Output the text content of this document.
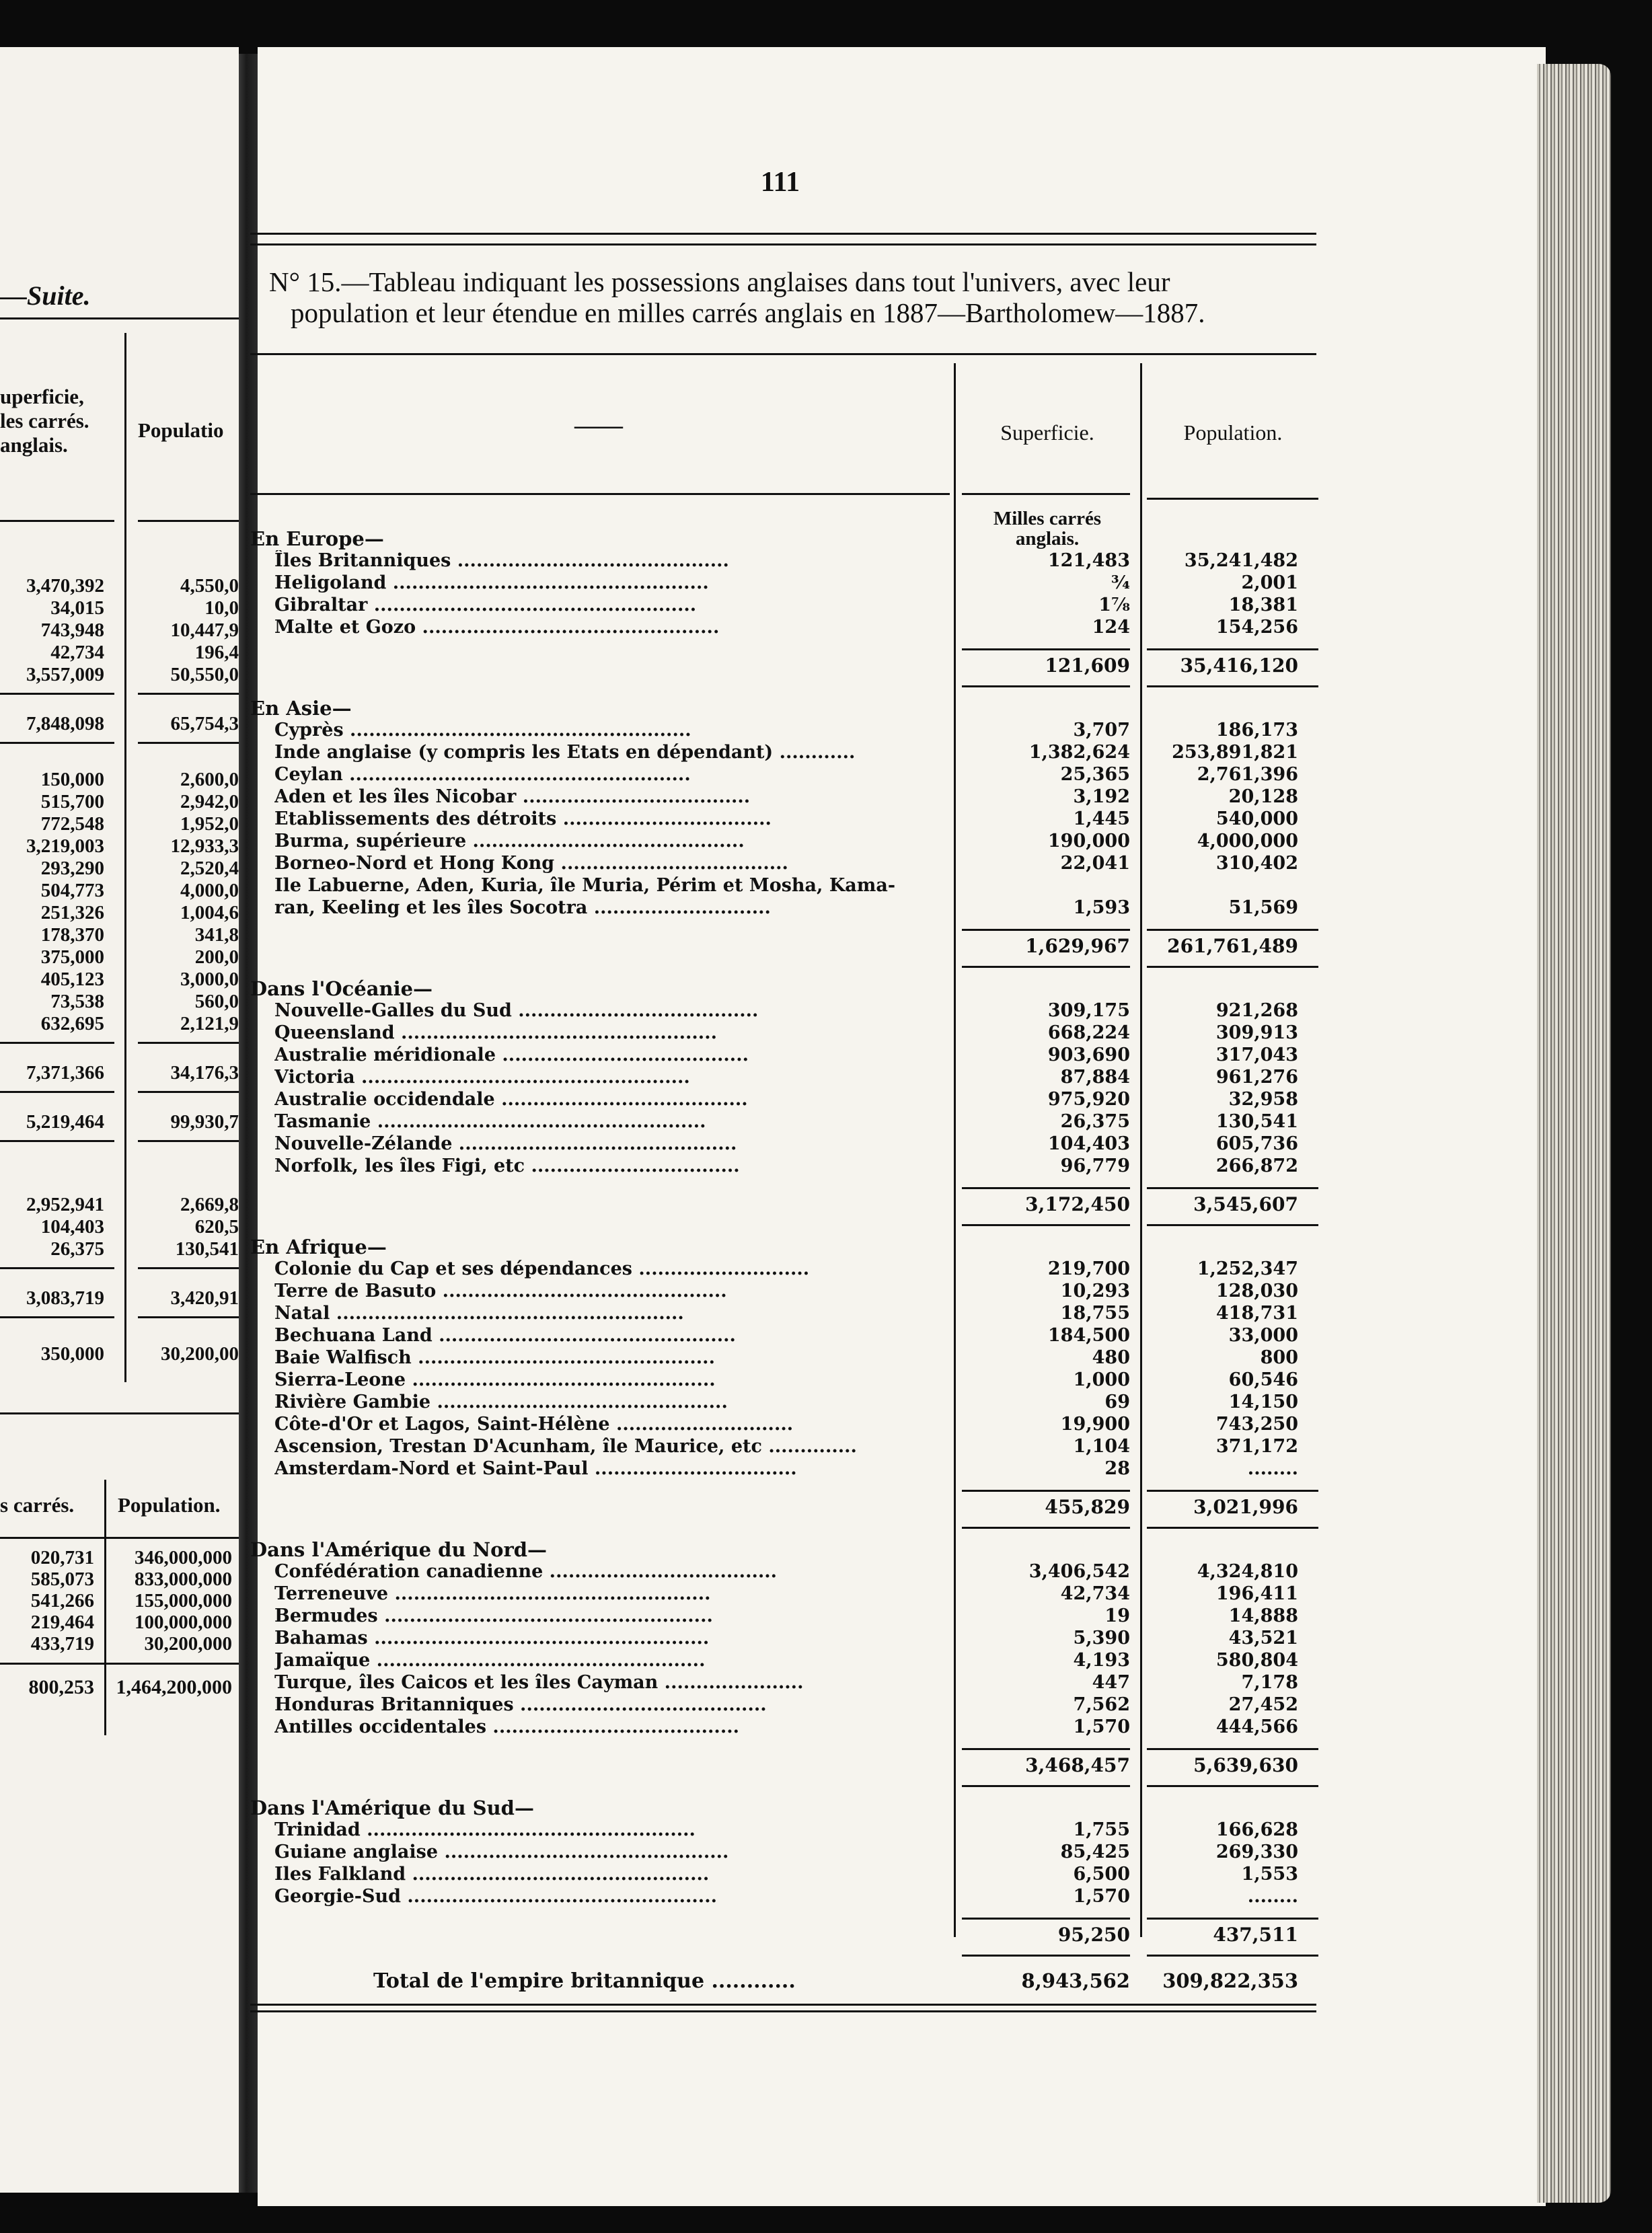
—Suite.
uperficie,
les carrés.
anglais.
Populatio
3,470,392	4,550,0
34,015	10,0
743,948	10,447,9
42,734	196,4
3,557,009	50,550,0
7,848,098	65,754,3
150,000	2,600,0
515,700	2,942,0
772,548	1,952,0
3,219,003	12,933,3
293,290	2,520,4
504,773	4,000,0
251,326	1,004,6
178,370	341,8
375,000	200,0
405,123	3,000,0
73,538	560,0
632,695	2,121,9
7,371,366	34,176,3
5,219,464	99,930,7
2,952,941	2,669,8
104,403	620,5
26,375	130,541
3,083,719	3,420,91
350,000	30,200,00
s carrés. Population.
020,731 346,000,000
585,073 833,000,000
541,266 155,000,000
219,464 100,000,000
433,719	30,200,000
800,253 1,464,200,000
111
N° 15.—Tableau indiquant les possessions anglaises dans tout l'univers, avec leur
population et leur étendue en milles carrés anglais en 1887—Bartholomew—1887.
——	Superficie.	Population.
Milles carrés
anglais.
En Europe—
Îles Britanniques ...........................................	121,483	35,241,482
Heligoland ..................................................	¾	2,001
Gibraltar ...................................................	1⅞	18,381
Malte et Gozo ...............................................	124	154,256
121,609	35,416,120
En Asie—
Cyprès ......................................................	3,707	186,173
Inde anglaise (y compris les Etats en dépendant) ............	1,382,624 253,891,821
Ceylan ......................................................	25,365	2,761,396
Aden et les îles Nicobar ....................................	3,192	20,128
Etablissements des détroits .................................	1,445	540,000
Burma, supérieure ...........................................	190,000	4,000,000
Borneo-Nord et Hong Kong ....................................	22,041	310,402
Ile Labuerne, Aden, Kuria, île Muria, Périm et Mosha, Kama-
ran, Keeling et les îles Socotra ............................	1,593	51,569
1,629,967 261,761,489
Dans l'Océanie—
Nouvelle-Galles du Sud ......................................	309,175	921,268
Queensland ..................................................	668,224	309,913
Australie méridionale .......................................	903,690	317,043
Victoria ....................................................	87,884	961,276
Australie occidendale .......................................	975,920	32,958
Tasmanie ....................................................	26,375	130,541
Nouvelle-Zélande ............................................	104,403	605,736
Norfolk, les îles Figi, etc .................................	96,779	266,872
3,172,450	3,545,607
En Afrique—
Colonie du Cap et ses dépendances ...........................	219,700	1,252,347
Terre de Basuto .............................................	10,293	128,030
Natal .......................................................	18,755	418,731
Bechuana Land ...............................................	184,500	33,000
Baie Walfisch ...............................................	480	800
Sierra-Leone ................................................	1,000	60,546
Rivière Gambie ..............................................	69	14,150
Côte-d'Or et Lagos, Saint-Hélène ............................	19,900	743,250
Ascension, Trestan D'Acunham, île Maurice, etc ..............	1,104	371,172
Amsterdam-Nord et Saint-Paul ................................	28	........
455,829	3,021,996
Dans l'Amérique du Nord—
Confédération canadienne ....................................	3,406,542	4,324,810
Terreneuve ..................................................	42,734	196,411
Bermudes ....................................................	19	14,888
Bahamas .....................................................	5,390	43,521
Jamaïque ....................................................	4,193	580,804
Turque, îles Caicos et les îles Cayman ......................	447	7,178
Honduras Britanniques .......................................	7,562	27,452
Antilles occidentales .......................................	1,570	444,566
3,468,457	5,639,630
Dans l'Amérique du Sud—
Trinidad ....................................................	1,755	166,628
Guiane anglaise .............................................	85,425	269,330
Iles Falkland ...............................................	6,500	1,553
Georgie-Sud .................................................	1,570	........
95,250	437,511
Total de l'empire britannique ............	8,943,562 309,822,353
